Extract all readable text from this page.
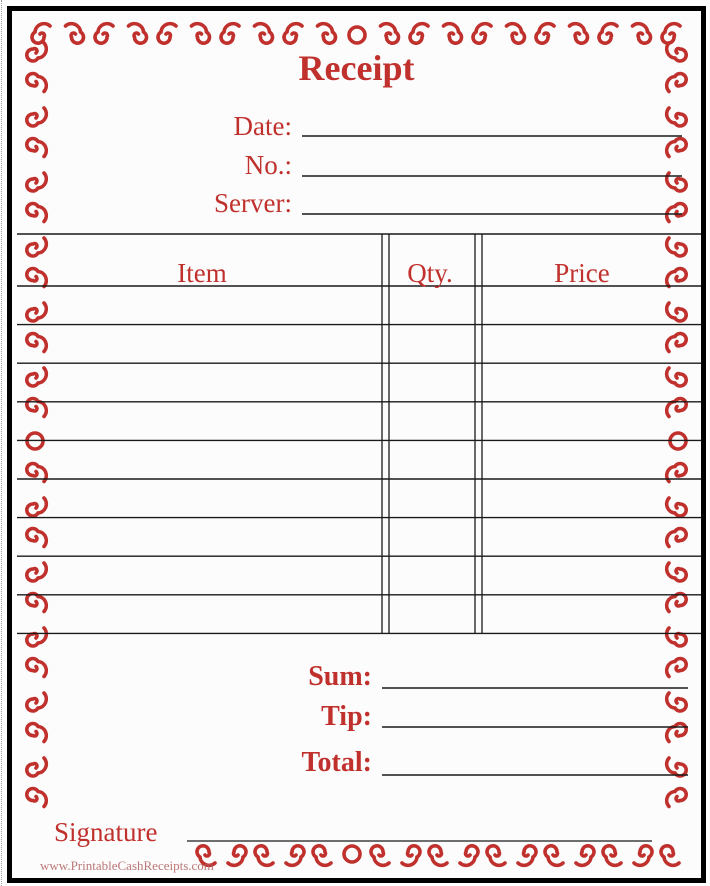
Receipt
Date:
No.:
Server:
Item	Qty.	Price
Sum:
Tip:
Total:
Signature
www.PrintableCashReceipts.com
